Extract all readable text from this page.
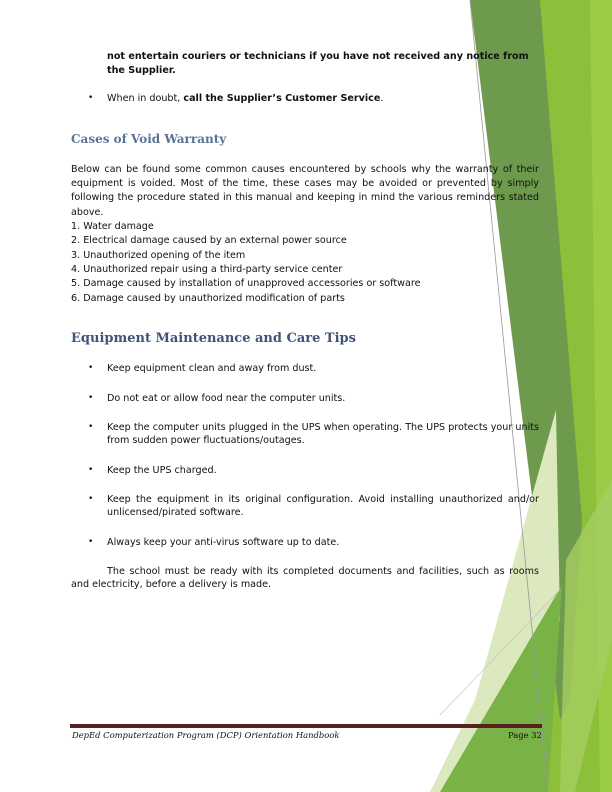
not entertain couriers or technicians if you have not received any notice from the Supplier.
• When in doubt, call the Supplier’s Customer Service.
Cases of Void Warranty
Below can be found some common causes encountered by schools why the warranty of their equipment is voided. Most of the time, these cases may be avoided or prevented by simply following the procedure stated in this manual and keeping in mind the various reminders stated above.
1. Water damage
2. Electrical damage caused by an external power source
3. Unauthorized opening of the item
4. Unauthorized repair using a third-party service center
5. Damage caused by installation of unapproved accessories or software
6. Damage caused by unauthorized modification of parts
Equipment Maintenance and Care Tips
• Keep equipment clean and away from dust.
• Do not eat or allow food near the computer units.
• Keep the computer units plugged in the UPS when operating. The UPS protects your units from sudden power fluctuations/outages.
• Keep the UPS charged.
• Keep the equipment in its original configuration. Avoid installing unauthorized and/or unlicensed/pirated software.
• Always keep your anti-virus software up to date.
The school must be ready with its completed documents and facilities, such as rooms and electricity, before a delivery is made.
DepEd Computerization Program (DCP) Orientation Handbook	Page 32
